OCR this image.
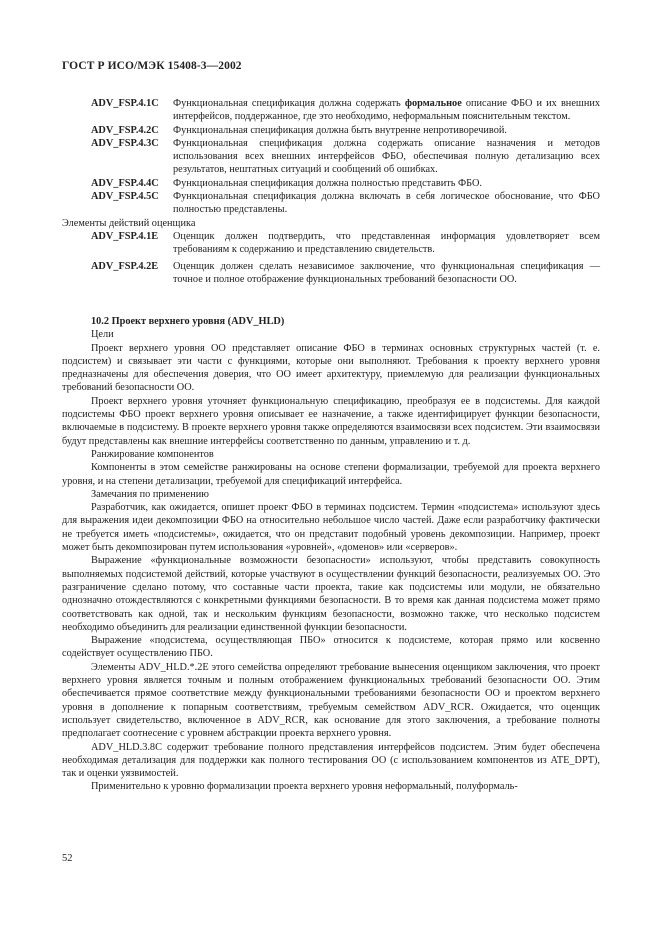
ГОСТ Р ИСО/МЭК 15408-3—2002
ADV_FSP.4.1C	Функциональная спецификация должна содержать формальное описание ФБО и их внешних интерфейсов, поддержанное, где это необходимо, неформальным пояснительным текстом.
ADV_FSP.4.2C	Функциональная спецификация должна быть внутренне непротиворечивой.
ADV_FSP.4.3C	Функциональная спецификация должна содержать описание назначения и методов использования всех внешних интерфейсов ФБО, обеспечивая полную детализацию всех результатов, нештатных ситуаций и сообщений об ошибках.
ADV_FSP.4.4C	Функциональная спецификация должна полностью представить ФБО.
ADV_FSP.4.5C	Функциональная спецификация должна включать в себя логическое обоснование, что ФБО полностью представлены.
Элементы действий оценщика
ADV_FSP.4.1E	Оценщик должен подтвердить, что представленная информация удовлетворяет всем требованиям к содержанию и представлению свидетельств.
ADV_FSP.4.2E	Оценщик должен сделать независимое заключение, что функциональная спецификация — точное и полное отображение функциональных требований безопасности ОО.
10.2 Проект верхнего уровня (ADV_HLD)
Цели

Проект верхнего уровня ОО представляет описание ФБО в терминах основных структурных частей (т. е. подсистем) и связывает эти части с функциями, которые они выполняют. Требования к проекту верхнего уровня предназначены для обеспечения доверия, что ОО имеет архитектуру, приемлемую для реализации функциональных требований безопасности ОО.

Проект верхнего уровня уточняет функциональную спецификацию, преобразуя ее в подсистемы. Для каждой подсистемы ФБО проект верхнего уровня описывает ее назначение, а также идентифицирует функции безопасности, включаемые в подсистему. В проекте верхнего уровня также определяются взаимосвязи всех подсистем. Эти взаимосвязи будут представлены как внешние интерфейсы соответственно по данным, управлению и т. д.

Ранжирование компонентов

Компоненты в этом семействе ранжированы на основе степени формализации, требуемой для проекта верхнего уровня, и на степени детализации, требуемой для спецификаций интерфейса.

Замечания по применению

Разработчик, как ожидается, опишет проект ФБО в терминах подсистем. Термин «подсистема» используют здесь для выражения идеи декомпозиции ФБО на относительно небольшое число частей. Даже если разработчику фактически не требуется иметь «подсистемы», ожидается, что он представит подобный уровень декомпозиции. Например, проект может быть декомпозирован путем использования «уровней», «доменов» или «серверов».

Выражение «функциональные возможности безопасности» используют, чтобы представить совокупность выполняемых подсистемой действий, которые участвуют в осуществлении функций безопасности, реализуемых ОО. Это разграничение сделано потому, что составные части проекта, такие как подсистемы или модули, не обязательно однозначно отождествляются с конкретными функциями безопасности. В то время как данная подсистема может прямо соответствовать как одной, так и нескольким функциям безопасности, возможно также, что несколько подсистем необходимо объединить для реализации единственной функции безопасности.

Выражение «подсистема, осуществляющая ПБО» относится к подсистеме, которая прямо или косвенно содействует осуществлению ПБО.

Элементы ADV_HLD.*.2E этого семейства определяют требование вынесения оценщиком заключения, что проект верхнего уровня является точным и полным отображением функциональных требований безопасности ОО. Этим обеспечивается прямое соответствие между функциональными требованиями безопасности ОО и проектом верхнего уровня в дополнение к попарным соответствиям, требуемым семейством ADV_RCR. Ожидается, что оценщик использует свидетельство, включенное в ADV_RCR, как основание для этого заключения, а требование полноты предполагает соотнесение с уровнем абстракции проекта верхнего уровня.

ADV_HLD.3.8C содержит требование полного представления интерфейсов подсистем. Этим будет обеспечена необходимая детализация для поддержки как полного тестирования ОО (с использованием компонентов из ATE_DPT), так и оценки уязвимостей.

Применительно к уровню формализации проекта верхнего уровня неформальный, полуформаль-

52
